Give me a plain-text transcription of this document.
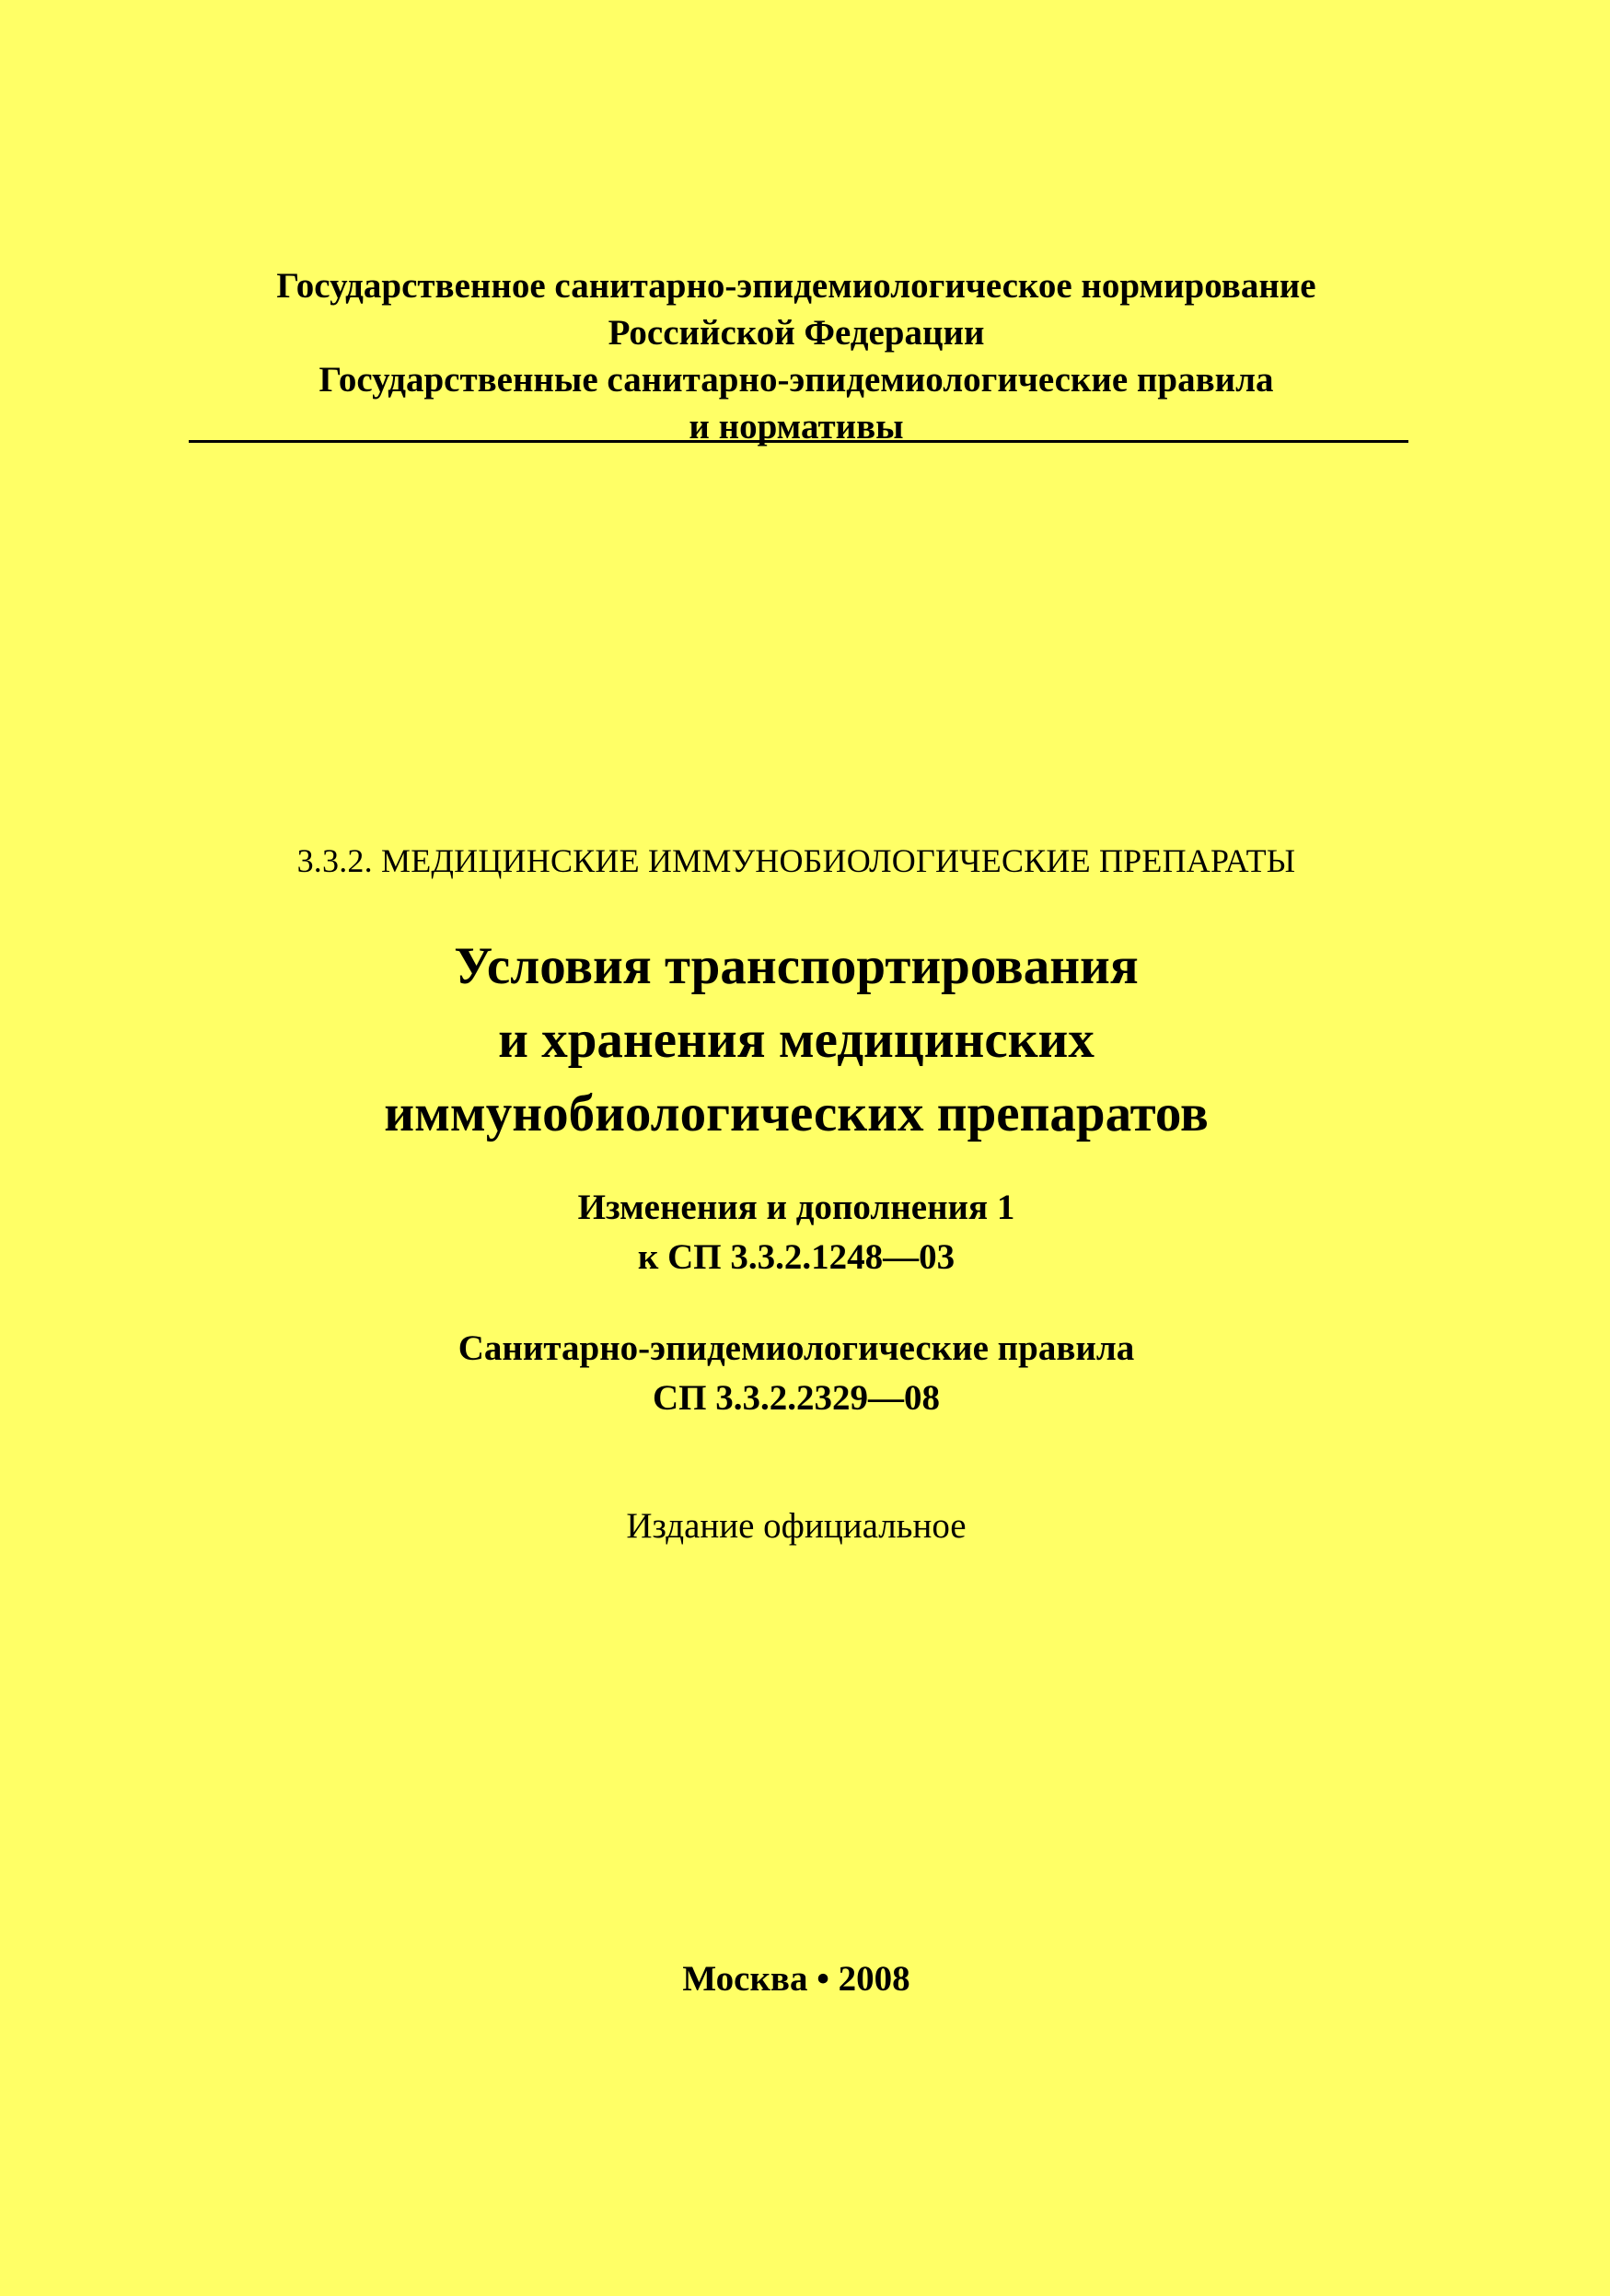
Государственное санитарно-эпидемиологическое нормирование
Российской Федерации
Государственные санитарно-эпидемиологические правила
и нормативы
3.3.2. МЕДИЦИНСКИЕ ИММУНОБИОЛОГИЧЕСКИЕ ПРЕПАРАТЫ
Условия транспортирования
и хранения медицинских
иммунобиологических препаратов
Изменения и дополнения 1
к СП 3.3.2.1248—03
Санитарно-эпидемиологические правила
СП 3.3.2.2329—08
Издание официальное
Москва • 2008
